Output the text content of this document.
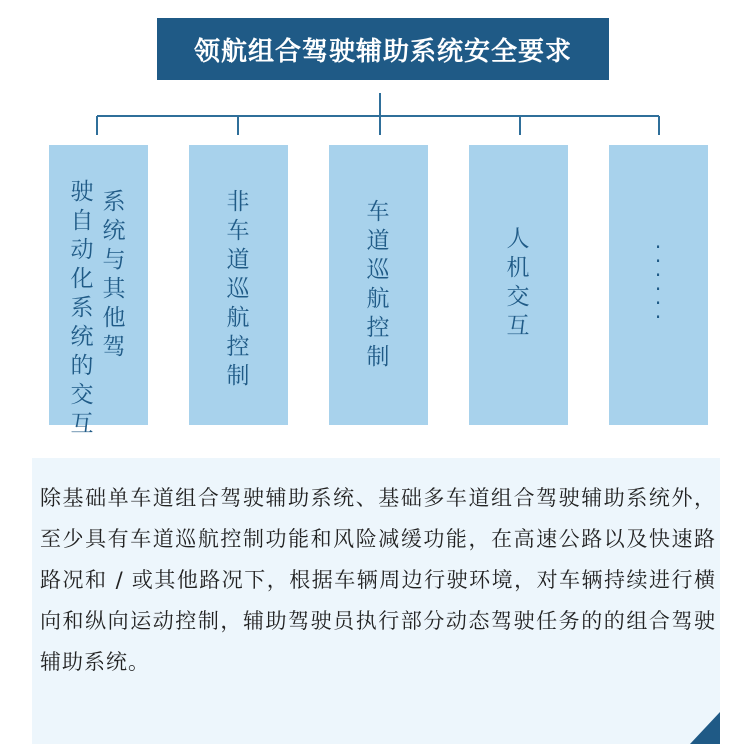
领航组合驾驶辅助系统安全要求
系统与其他驾
驶自动化系统的交互
非车道巡航控制
车道巡航控制
人机交互
······
除基础单车道组合驾驶辅助系统、基础多车道组合驾驶辅助系统外，至少具有车道巡航控制功能和风险减缓功能，在高速公路以及快速路路况和 / 或其他路况下，根据车辆周边行驶环境，对车辆持续进行横向和纵向运动控制，辅助驾驶员执行部分动态驾驶任务的的组合驾驶辅助系统。
